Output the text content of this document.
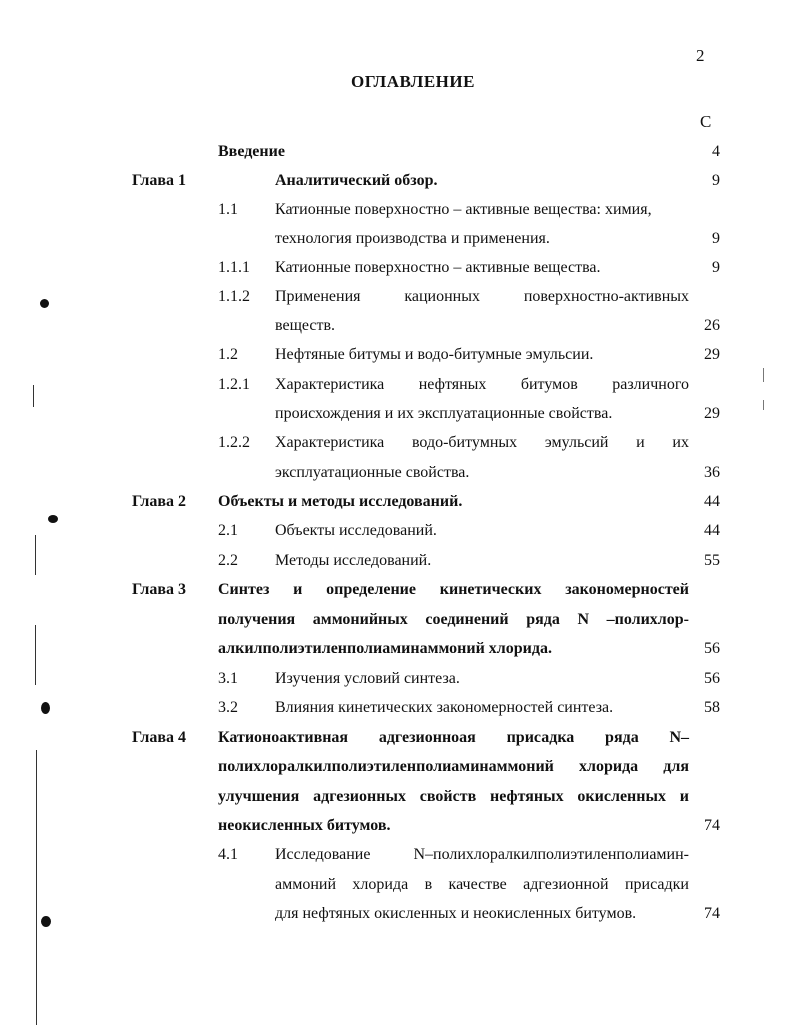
2
ОГЛАВЛЕНИЕ
С
Введение	4
Глава 1	Аналитический обзор.	9
1.1 Катионные поверхностно – активные вещества: химия,
технология производства и применения.	9
1.1.1 Катионные поверхностно – активные вещества.	9
1.1.2 Применения кационных поверхностно-активных
веществ.	26
1.2 Нефтяные битумы и водо-битумные эмульсии.	29
1.2.1 Характеристика нефтяных битумов различного
происхождения и их эксплуатационные свойства.	29
1.2.2 Характеристика водо-битумных эмульсий и их
эксплуатационные свойства.	36
Глава 2 Объекты и методы исследований.	44
2.1 Объекты исследований.	44
2.2 Методы исследований.	55
Глава 3 Синтез и определение кинетических закономерностей
получения аммонийных соединений ряда N –полихлор-
алкилполиэтиленполиаминаммоний хлорида.	56
3.1 Изучения условий синтеза.	56
3.2 Влияния кинетических закономерностей синтеза.	58
Глава 4 Катионоактивная адгезионноая присадка ряда N–
полихлоралкилполиэтиленполиаминаммоний хлорида для
улучшения адгезионных свойств нефтяных окисленных и
неокисленных битумов.	74
4.1 Исследование N–полихлоралкилполиэтиленполиамин-
аммоний хлорида в качестве адгезионной присадки
для нефтяных окисленных и неокисленных битумов.	74
